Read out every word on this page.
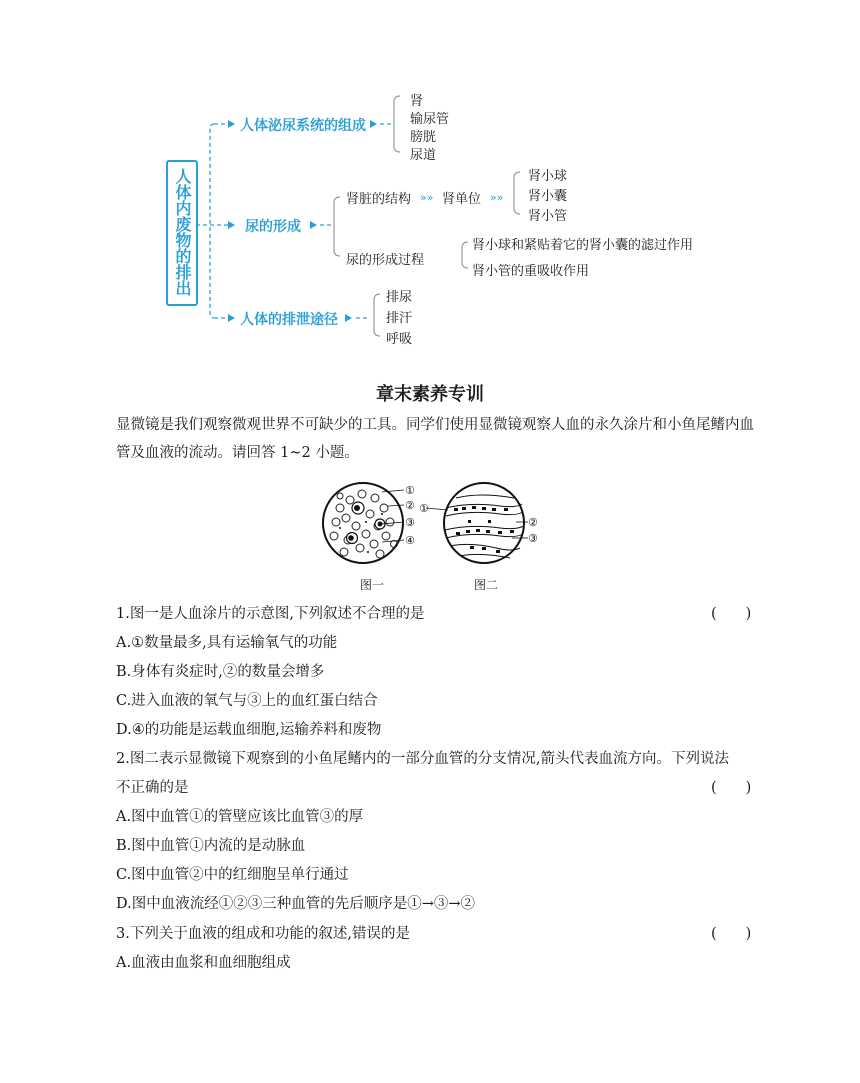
»»	»»
人体内废物的排出
人体泌尿系统的组成
肾
输尿管
膀胱
尿道
尿的形成
肾脏的结构 肾单位
肾小球
肾小囊
肾小管
尿的形成过程
肾小球和紧贴着它的肾小囊的滤过作用
肾小管的重吸收作用
人体的排泄途径
排尿
排汗
呼吸
章末素养专训
显微镜是我们观察微观世界不可缺少的工具。同学们使用显微镜观察人血的永久涂片和小鱼尾鳍内血管及血液的流动。请回答 1~2 小题。
①
②
③
④
①
②
③
图一	图二
1.图一是人血涂片的示意图,下列叙述不合理的是	(　　)
A.①数量最多,具有运输氧气的功能
B.身体有炎症时,②的数量会增多
C.进入血液的氧气与③上的血红蛋白结合
D.④的功能是运载血细胞,运输养料和废物
2.图二表示显微镜下观察到的小鱼尾鳍内的一部分血管的分支情况,箭头代表血流方向。下列说法
不正确的是	(　　)
A.图中血管①的管壁应该比血管③的厚
B.图中血管①内流的是动脉血
C.图中血管②中的红细胞呈单行通过
D.图中血液流经①②③三种血管的先后顺序是①→③→②
3.下列关于血液的组成和功能的叙述,错误的是	(　　)
A.血液由血浆和血细胞组成
